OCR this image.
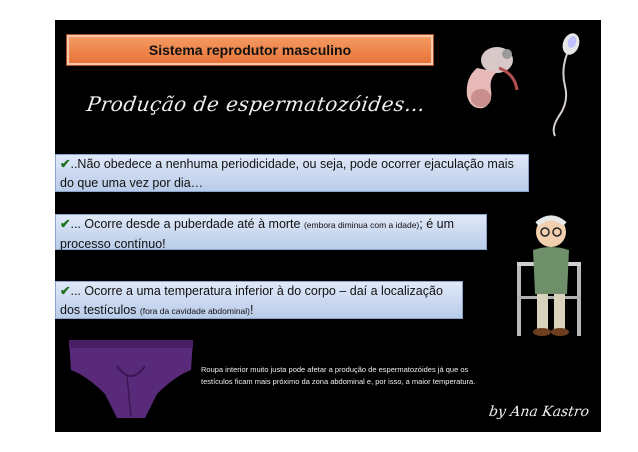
Sistema reprodutor masculino
Produção de espermatozóides…
✔..Não obedece a nenhuma periodicidade, ou seja, pode ocorrer ejaculação mais do que uma vez por dia…
✔... Ocorre desde a puberdade até à morte (embora diminua com a idade); é um processo contínuo!
✔... Ocorre a uma temperatura inferior à do corpo – daí a localização dos testículos (fora da cavidade abdominal)!
Roupa interior muito justa pode afetar a produção de espermatozóides já que os testículos ficam mais próximo da zona abdominal e, por isso, a maior temperatura.
by Ana Kastro
